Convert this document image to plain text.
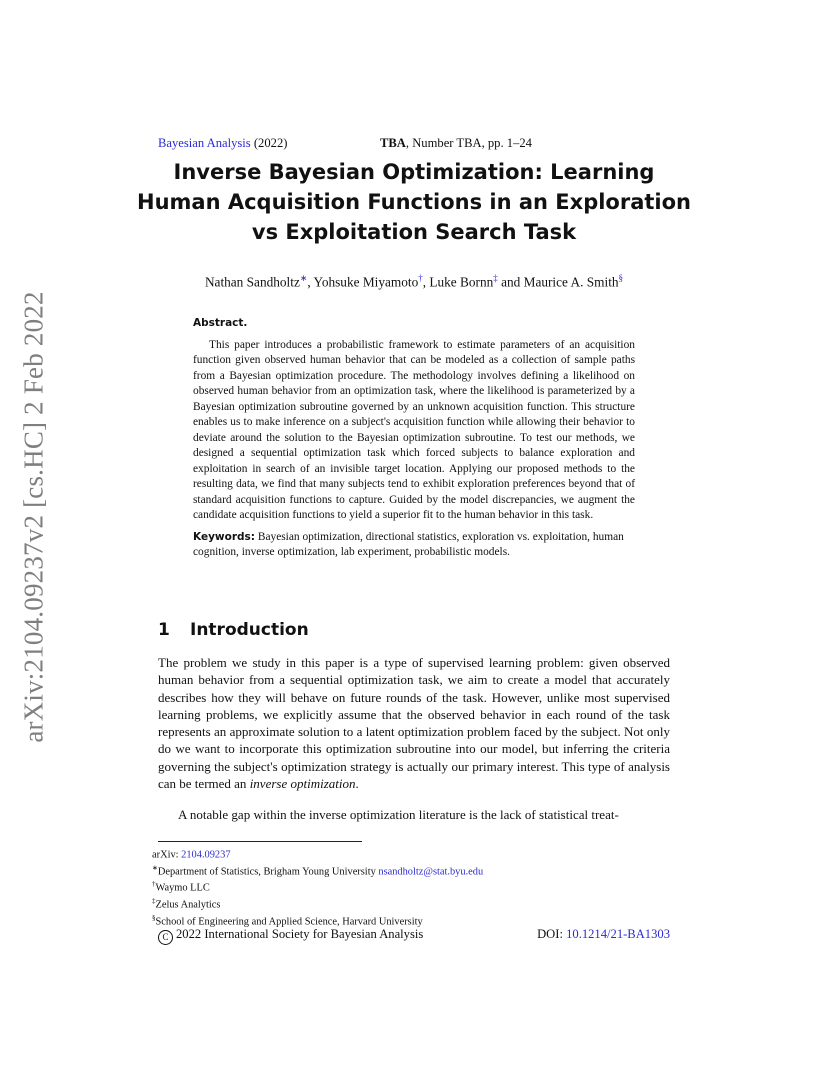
arXiv:2104.09237v2 [cs.HC] 2 Feb 2022
Bayesian Analysis (2022)	TBA, Number TBA, pp. 1–24
Inverse Bayesian Optimization: Learning Human Acquisition Functions in an Exploration vs Exploitation Search Task
Nathan Sandholtz∗, Yohsuke Miyamoto†, Luke Bornn‡ and Maurice A. Smith§

Abstract.

This paper introduces a probabilistic framework to estimate parameters of an acquisition function given observed human behavior that can be modeled as a collection of sample paths from a Bayesian optimization procedure. The methodology involves defining a likelihood on observed human behavior from an optimization task, where the likelihood is parameterized by a Bayesian optimization subroutine governed by an unknown acquisition function. This structure enables us to make inference on a subject's acquisition function while allowing their behavior to deviate around the solution to the Bayesian optimization subroutine. To test our methods, we designed a sequential optimization task which forced subjects to balance exploration and exploitation in search of an invisible target location. Applying our proposed methods to the resulting data, we find that many subjects tend to exhibit exploration preferences beyond that of standard acquisition functions to capture. Guided by the model discrepancies, we augment the candidate acquisition functions to yield a superior fit to the human behavior in this task.

Keywords: Bayesian optimization, directional statistics, exploration vs. exploitation, human cognition, inverse optimization, lab experiment, probabilistic models.

1 Introduction

The problem we study in this paper is a type of supervised learning problem: given observed human behavior from a sequential optimization task, we aim to create a model that accurately describes how they will behave on future rounds of the task. However, unlike most supervised learning problems, we explicitly assume that the observed behavior in each round of the task represents an approximate solution to a latent optimization problem faced by the subject. Not only do we want to incorporate this optimization subroutine into our model, but inferring the criteria governing the subject's optimization strategy is actually our primary interest. This type of analysis can be termed an inverse optimization.

A notable gap within the inverse optimization literature is the lack of statistical treat-

arXiv: 2104.09237
∗Department of Statistics, Brigham Young University nsandholtz@stat.byu.edu
†Waymo LLC
‡Zelus Analytics
§School of Engineering and Applied Science, Harvard University
C 2022 International Society for Bayesian Analysis	DOI: 10.1214/21-BA1303
